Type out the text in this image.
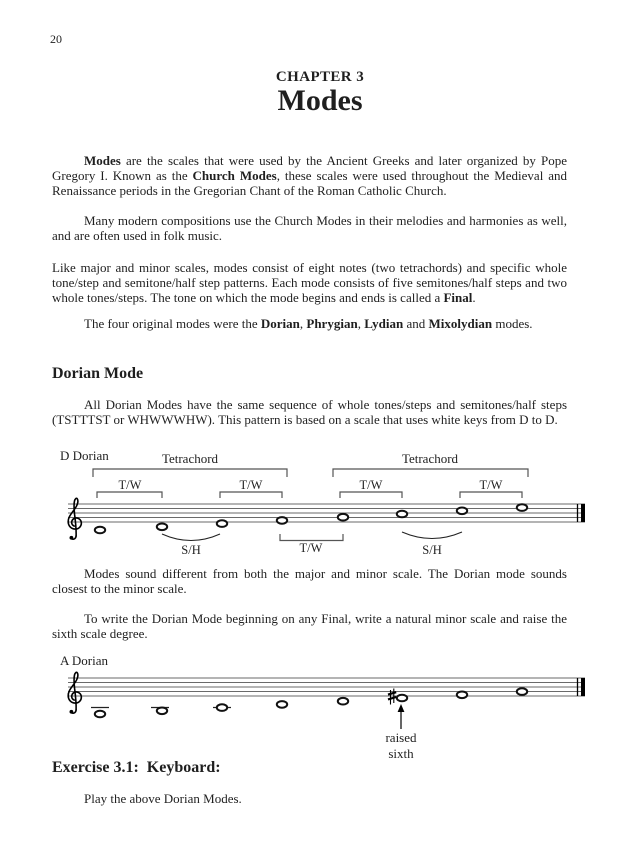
20
CHAPTER 3
Modes

Modes are the scales that were used by the Ancient Greeks and later organized by Pope Gregory I. Known as the Church Modes, these scales were used throughout the Medieval and Renaissance periods in the Gregorian Chant of the Roman Catholic Church.

Many modern compositions use the Church Modes in their melodies and harmonies as well, and are often used in folk music.

Like major and minor scales, modes consist of eight notes (two tetrachords) and specific whole tone/step and semitone/half step patterns. Each mode consists of five semitones/half steps and two whole tones/steps. The tone on which the mode begins and ends is called a Final.

The four original modes were the Dorian, Phrygian, Lydian and Mixolydian modes.

Dorian Mode

All Dorian Modes have the same sequence of whole tones/steps and semitones/half steps (TSTTTST or WHWWWHW). This pattern is based on a scale that uses white keys from D to D.

D Dorian	Tetrachord	Tetrachord
T/W	T/W	T/W	T/W
S/H	S/H
T/W

Modes sound different from both the major and minor scale. The Dorian mode sounds closest to the minor scale.

To write the Dorian Mode beginning on any Final, write a natural minor scale and raise the sixth scale degree.

A Dorian
raised
sixth
Exercise 3.1:  Keyboard:

Play the above Dorian Modes.
